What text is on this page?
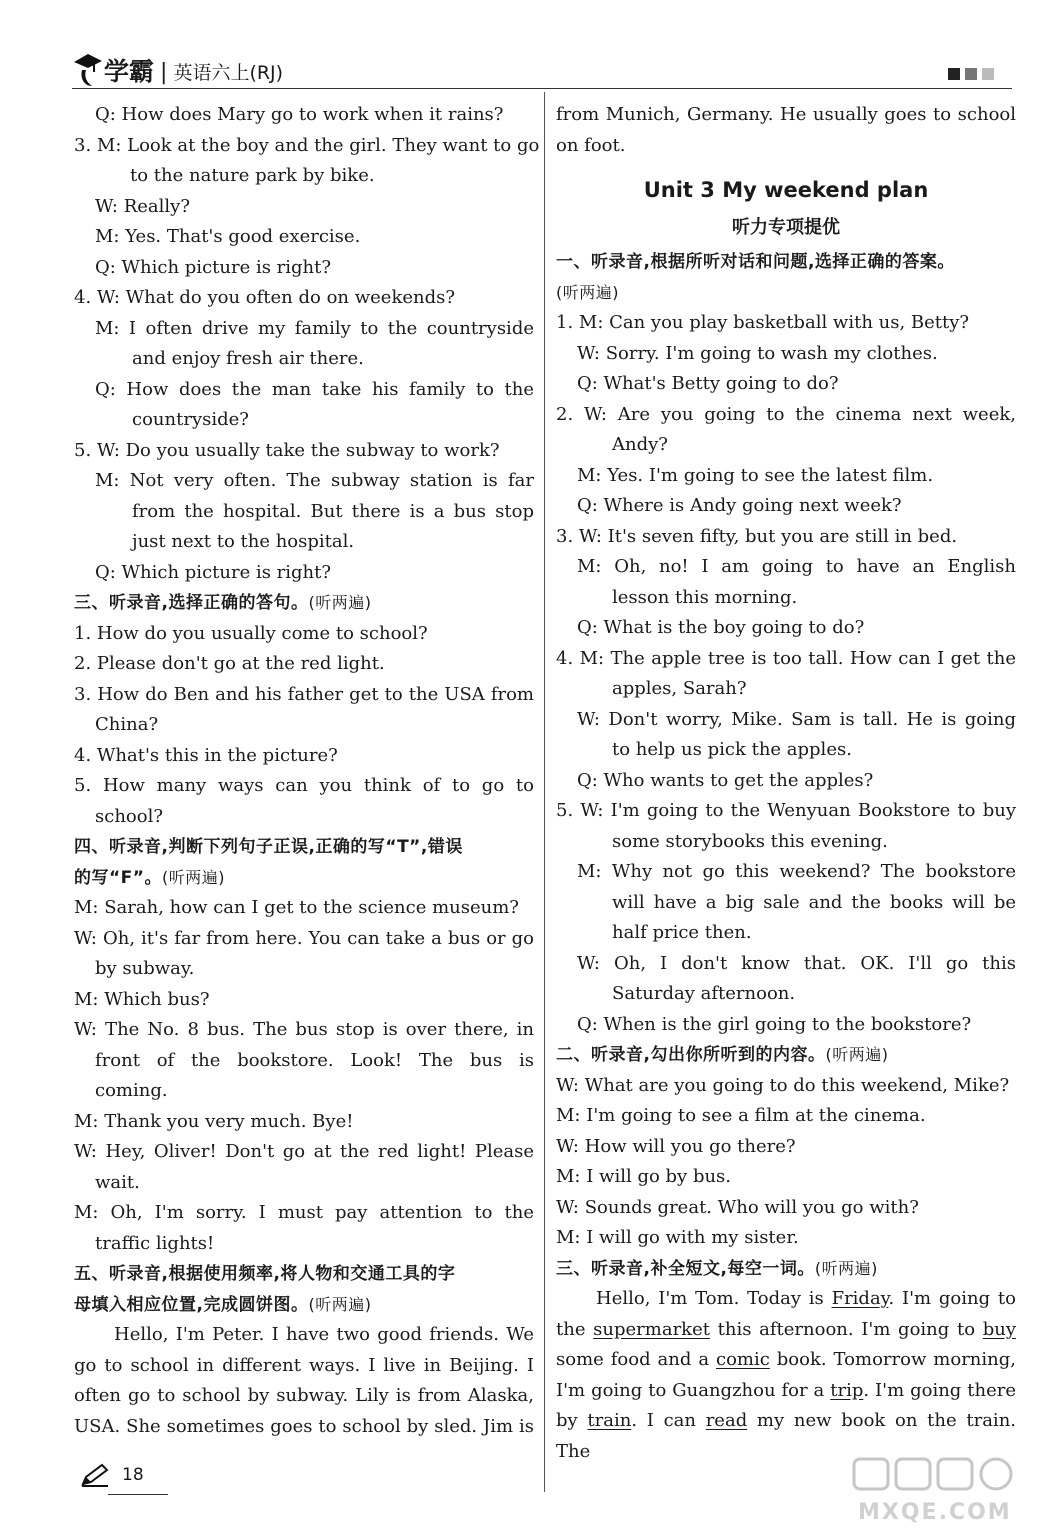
学霸 | 英语六上(RJ)
Q: How does Mary go to work when it rains?
3. M: Look at the boy and the girl. They want to go
to the nature park by bike.
W: Really?
M: Yes. That's good exercise.
Q: Which picture is right?
4. W: What do you often do on weekends?
M: I often drive my family to the countryside
and enjoy fresh air there.
Q: How does the man take his family to the
countryside?
5. W: Do you usually take the subway to work?
M: Not very often. The subway station is far
from the hospital. But there is a bus stop
just next to the hospital.
Q: Which picture is right?
三、听录音,选择正确的答句。(听两遍)
1. How do you usually come to school?
2. Please don't go at the red light.
3. How do Ben and his father get to the USA from
China?
4. What's this in the picture?
5. How many ways can you think of to go to
school?
四、听录音,判断下列句子正误,正确的写“T”,错误
的写“F”。(听两遍)
M: Sarah, how can I get to the science museum?
W: Oh, it's far from here. You can take a bus or go
by subway.
M: Which bus?
W: The No. 8 bus. The bus stop is over there, in
front of the bookstore. Look! The bus is
coming.
M: Thank you very much. Bye!
W: Hey, Oliver! Don't go at the red light! Please
wait.
M: Oh, I'm sorry. I must pay attention to the
traffic lights!
五、听录音,根据使用频率,将人物和交通工具的字
母填入相应位置,完成圆饼图。(听两遍)
Hello, I'm Peter. I have two good friends. We
go to school in different ways. I live in Beijing. I
often go to school by subway. Lily is from Alaska,
USA. She sometimes goes to school by sled. Jim is
from Munich, Germany. He usually goes to school
on foot.
Unit 3 My weekend plan
听力专项提优
一、听录音,根据所听对话和问题,选择正确的答案。
(听两遍)
1. M: Can you play basketball with us, Betty?
W: Sorry. I'm going to wash my clothes.
Q: What's Betty going to do?
2. W: Are you going to the cinema next week,
Andy?
M: Yes. I'm going to see the latest film.
Q: Where is Andy going next week?
3. W: It's seven fifty, but you are still in bed.
M: Oh, no! I am going to have an English
lesson this morning.
Q: What is the boy going to do?
4. M: The apple tree is too tall. How can I get the
apples, Sarah?
W: Don't worry, Mike. Sam is tall. He is going
to help us pick the apples.
Q: Who wants to get the apples?
5. W: I'm going to the Wenyuan Bookstore to buy
some storybooks this evening.
M: Why not go this weekend? The bookstore
will have a big sale and the books will be
half price then.
W: Oh, I don't know that. OK. I'll go this
Saturday afternoon.
Q: When is the girl going to the bookstore?
二、听录音,勾出你所听到的内容。(听两遍)
W: What are you going to do this weekend, Mike?
M: I'm going to see a film at the cinema.
W: How will you go there?
M: I will go by bus.
W: Sounds great. Who will you go with?
M: I will go with my sister.
三、听录音,补全短文,每空一词。(听两遍)
Hello, I'm Tom. Today is Friday. I'm going to
the supermarket this afternoon. I'm going to buy
some food and a comic book. Tomorrow morning,
I'm going to Guangzhou for a trip. I'm going there
by train. I can read my new book on the train. The
18
MXQE.COM
